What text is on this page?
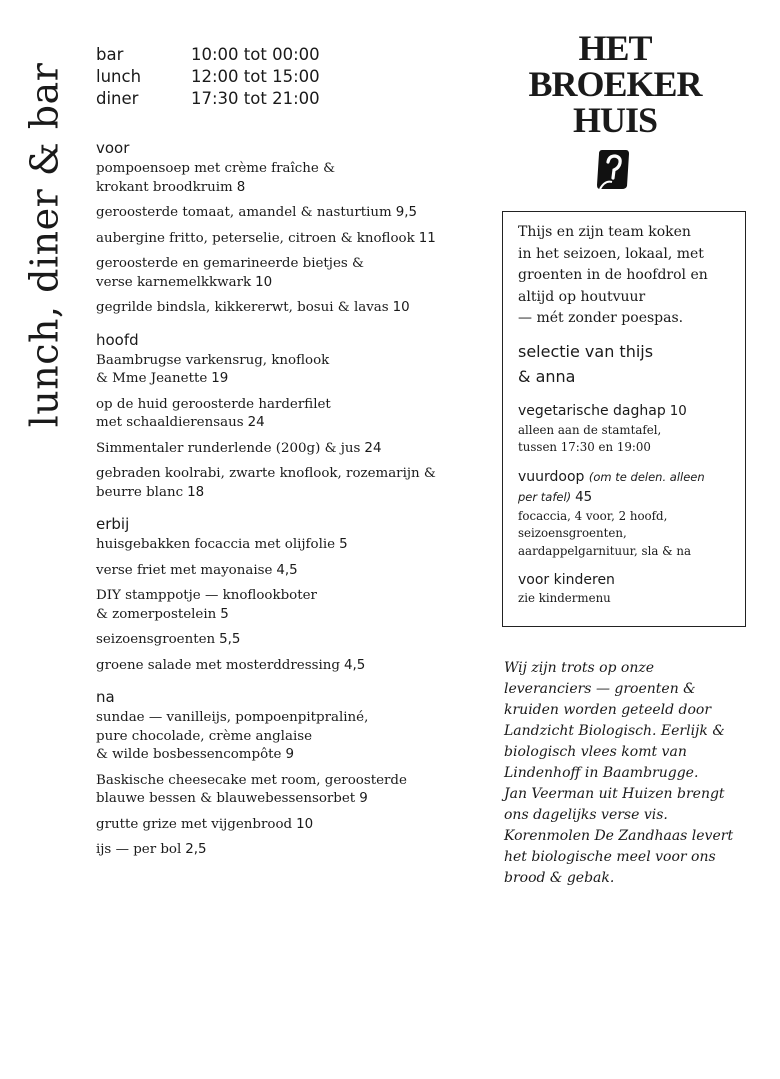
lunch, diner & bar
bar	10:00 tot 00:00
lunch	12:00 tot 15:00
diner	17:30 tot 21:00
voor
pompoensoep met crème fraîche &
krokant broodkruim 8
geroosterde tomaat, amandel & nasturtium 9,5
aubergine fritto, peterselie, citroen & knoflook 11
geroosterde en gemarineerde bietjes &
verse karnemelkkwark 10
gegrilde bindsla, kikkererwt, bosui & lavas 10
hoofd
Baambrugse varkensrug, knoflook
& Mme Jeanette 19
op de huid geroosterde harderfilet
met schaaldierensaus 24
Simmentaler runderlende (200g) & jus 24
gebraden koolrabi, zwarte knoflook, rozemarijn &
beurre blanc 18
erbij
huisgebakken focaccia met olijfolie 5
verse friet met mayonaise 4,5
DIY stamppotje — knoflookboter
& zomerpostelein 5
seizoensgroenten 5,5
groene salade met mosterddressing 4,5
na
sundae — vanilleijs, pompoenpitpraliné,
pure chocolade, crème anglaise
& wilde bosbessencompôte 9
Baskische cheesecake met room, geroosterde
blauwe bessen & blauwebessensorbet 9
grutte grize met vijgenbrood 10
ijs — per bol 2,5
HET
BROEKER
HUIS
Thijs en zijn team koken
in het seizoen, lokaal, met
groenten in de hoofdrol en
altijd op houtvuur
— mét zonder poespas.
selectie van thijs
& anna
vegetarische daghap 10
alleen aan de stamtafel,
tussen 17:30 en 19:00
vuurdoop (om te delen. alleen
per tafel) 45
focaccia, 4 voor, 2 hoofd,
seizoensgroenten,
aardappelgarnituur, sla & na
voor kinderen
zie kindermenu
Wij zijn trots op onze
leveranciers — groenten &
kruiden worden geteeld door
Landzicht Biologisch. Eerlijk &
biologisch vlees komt van
Lindenhoff in Baambrugge.
Jan Veerman uit Huizen brengt
ons dagelijks verse vis.
Korenmolen De Zandhaas levert
het biologische meel voor ons
brood & gebak.
